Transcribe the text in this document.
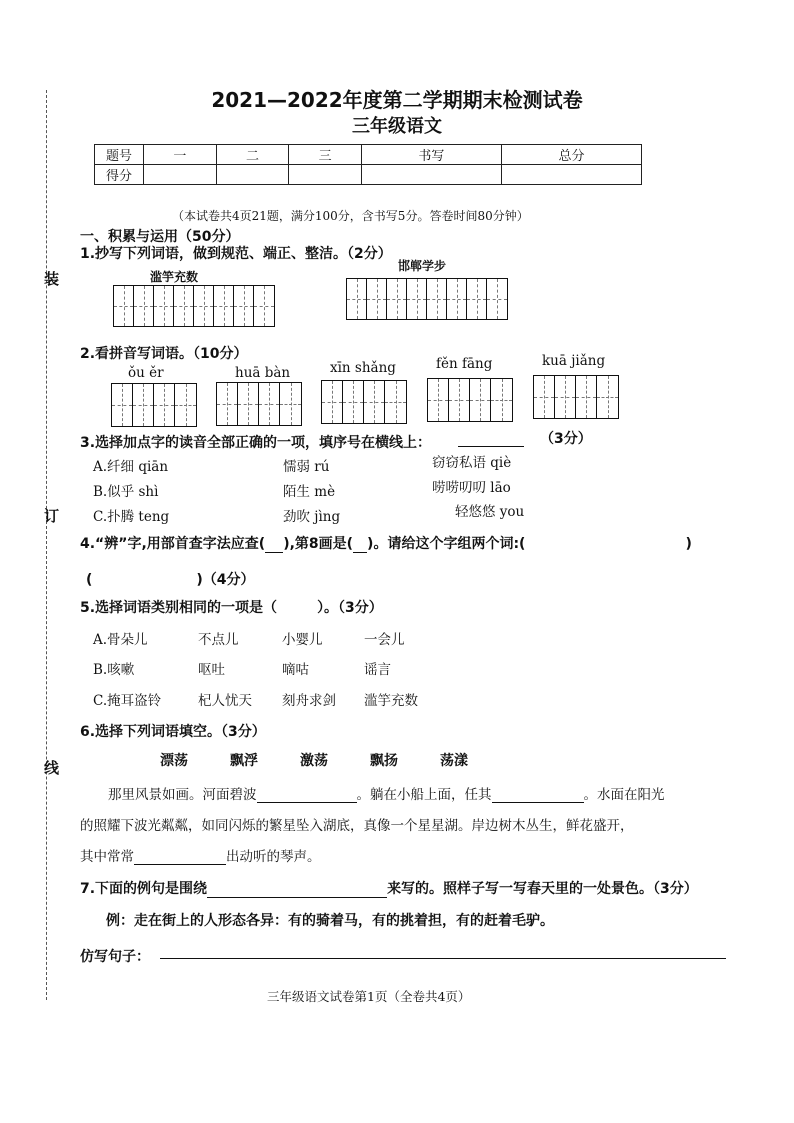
装
订
线
2021—2022年度第二学期期末检测试卷
三年级语文
题号	一	二	三	书写	总分
得分					
（本试卷共4页21题，满分100分，含书写5分。答卷时间80分钟）
一、积累与运用（50分）
1.抄写下列词语，做到规范、端正、整洁。（2分）
滥竽充数
邯郸学步
2.看拼音写词语。（10分）
ǒu ěr	huā bàn	xīn shǎng	fěn fāng	kuā jiǎng
3.选择加点字的读音全部正确的一项，填序号在横线上：	（3分）
A.纤细 qiān	懦弱 rú	窃窃私语 qiè
B.似乎 shì	陌生 mè	唠唠叨叨 lāo
C.扑腾 teng	劲吹 jìng	轻悠悠 you
4.“辨”字,用部首查字法应查( ),第8画是( )。请给这个字组两个词:(	)
(	)（4分）
5.选择词语类别相同的一项是（	）。（3分）
A.骨朵儿	不点儿	小婴儿	一会儿
B.咳嗽	呕吐	嘀咕	谣言
C.掩耳盗铃	杞人忧天 刻舟求剑 滥竽充数
6.选择下列词语填空。（3分）
漂荡	飘浮	激荡	飘扬	荡漾
那里风景如画。河面碧波	。躺在小船上面，任其	。水面在阳光
的照耀下波光粼粼，如同闪烁的繁星坠入湖底，真像一个星星湖。岸边树木丛生，鲜花盛开，
其中常常	出动听的琴声。
7.下面的例句是围绕	来写的。照样子写一写春天里的一处景色。（3分）
例：走在街上的人形态各异：有的骑着马，有的挑着担，有的赶着毛驴。
仿写句子：
三年级语文试卷第1页（全卷共4页）
